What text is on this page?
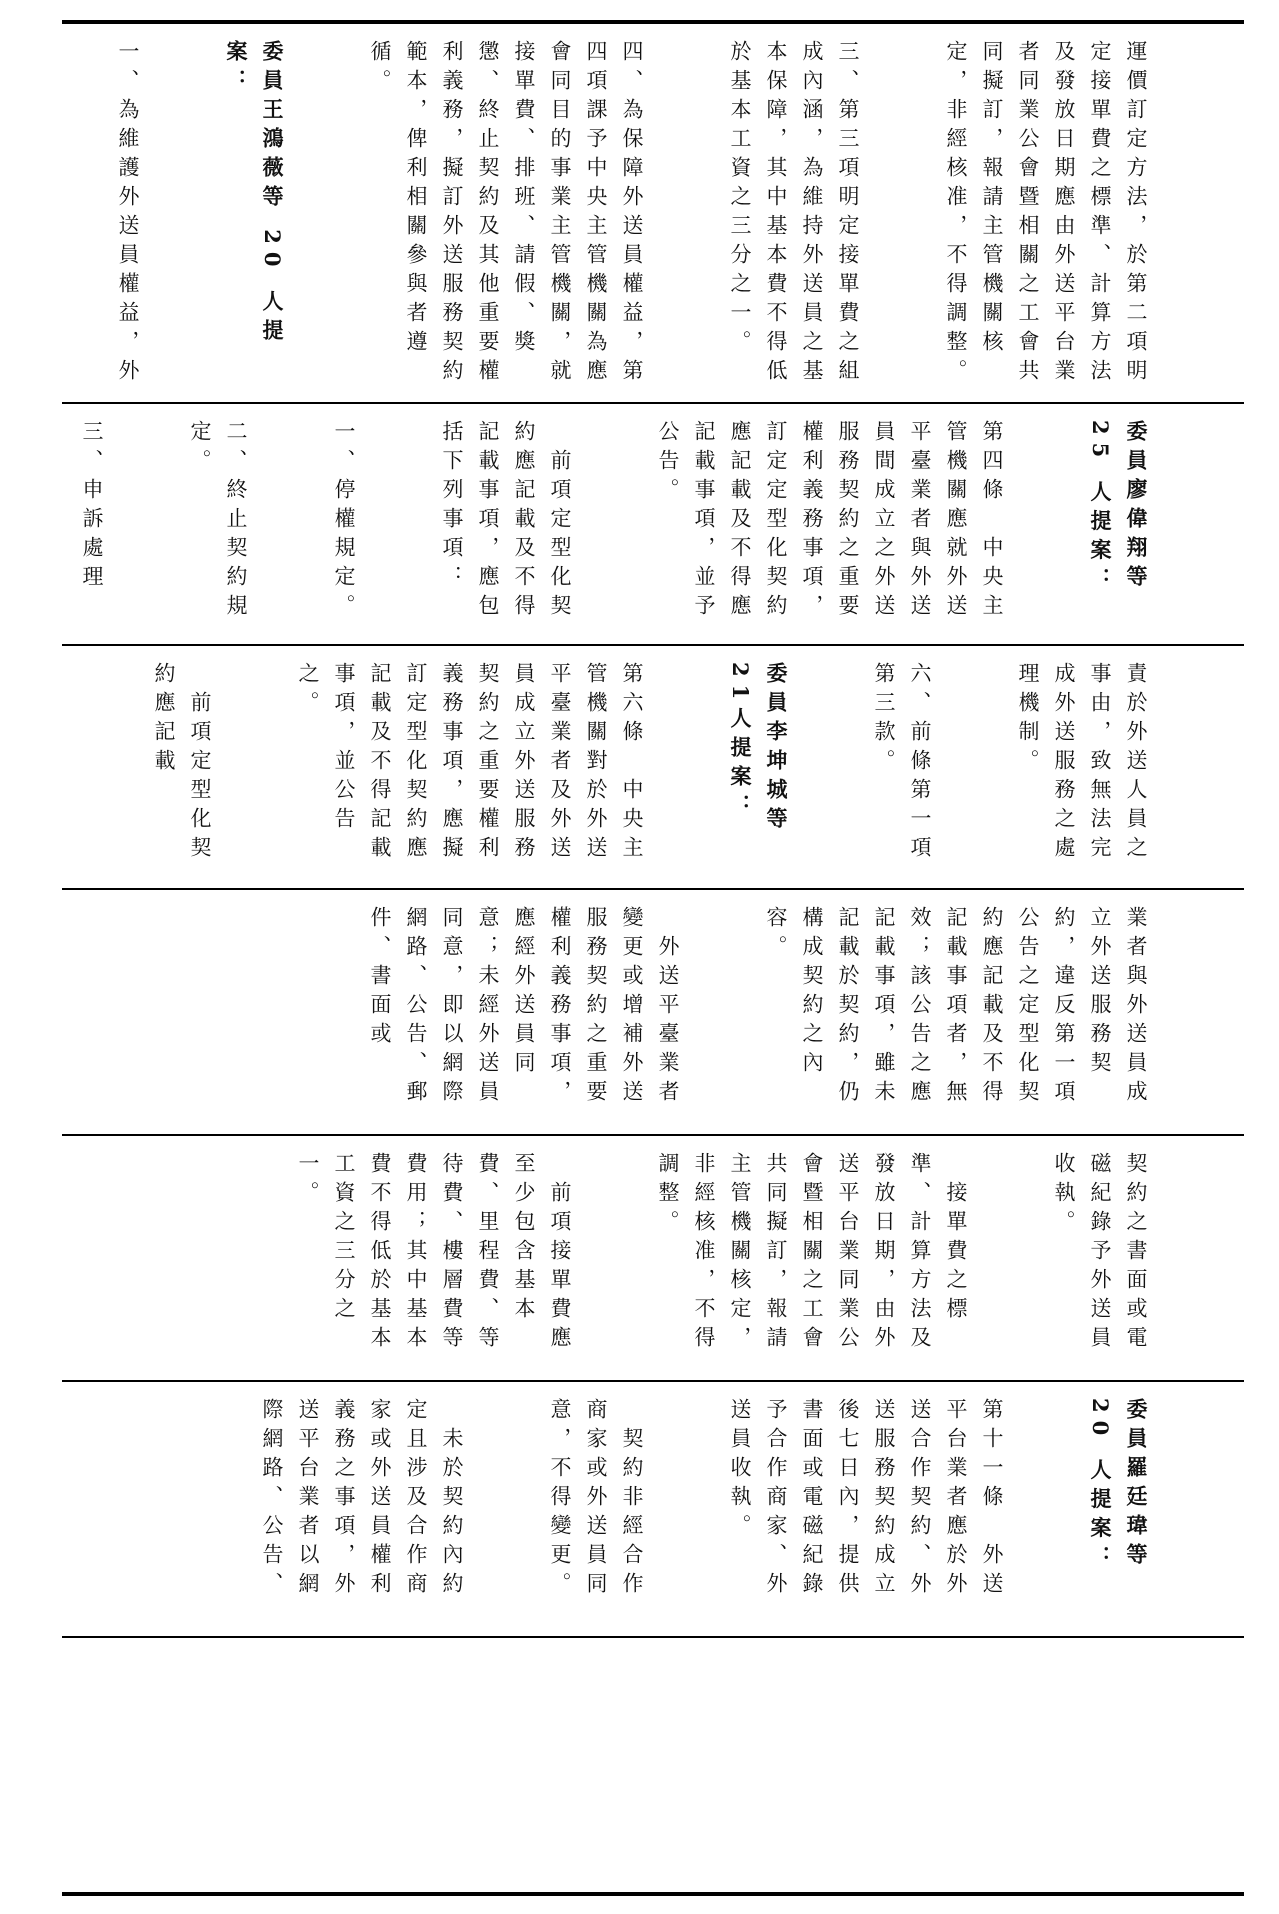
運價訂定方法，於第二項明定接單費之標準、計算方法及發放日期應由外送平台業者同業公會暨相關之工會共同擬訂，報請主管機關核定，非經核准，不得調整。

三、第三項明定接單費之組成內涵，為維持外送員之基本保障，其中基本費不得低於基本工資之三分之一。

四、為保障外送員權益，第四項課予中央主管機關為應會同目的事業主管機關，就接單費、排班、請假、獎懲、終止契約及其他重要權利義務，擬訂外送服務契約範本，俾利相關參與者遵循。

委員王鴻薇等 20 人提案：

一、為維護外送員權益，外

委員廖偉翔等 25 人提案：

第四條　中央主管機關應就外送平臺業者與外送員間成立之外送服務契約之重要權利義務事項，訂定定型化契約應記載及不得應記載事項，並予公告。

　前項定型化契約應記載及不得記載事項，應包括下列事項：

一、停權規定。

二、終止契約規定。

三、申訴處理

責於外送人員之事由，致無法完成外送服務之處理機制。

六、前條第一項第三款。

委員李坤城等21人提案：

第六條　中央主管機關對於外送平臺業者及外送員成立外送服務契約之重要權利義務事項，應擬訂定型化契約應記載及不得記載事項，並公告之。

　前項定型化契約應記載

業者與外送員成立外送服務契約，違反第一項公告之定型化契約應記載及不得記載事項者，無效；該公告之應記載事項，雖未記載於契約，仍構成契約之內容。

　外送平臺業者變更或增補外送服務契約之重要權利義務事項，應經外送員同意；未經外送員同意，即以網際網路、公告、郵件、書面或

契約之書面或電磁紀錄予外送員收執。

　接單費之標準、計算方法及發放日期，由外送平台業同業公會暨相關之工會共同擬訂，報請主管機關核定，非經核准，不得調整。

　前項接單費應至少包含基本費、里程費、等待費、樓層費等費用；其中基本費不得低於基本工資之三分之一。

委員羅廷瑋等 20 人提案：

第十一條　外送平台業者應於外送合作契約、外送服務契約成立後七日內，提供書面或電磁紀錄予合作商家、外送員收執。

　契約非經合作商家或外送員同意，不得變更。

　未於契約內約定且涉及合作商家或外送員權利義務之事項，外送平台業者以網際網路、公告、
